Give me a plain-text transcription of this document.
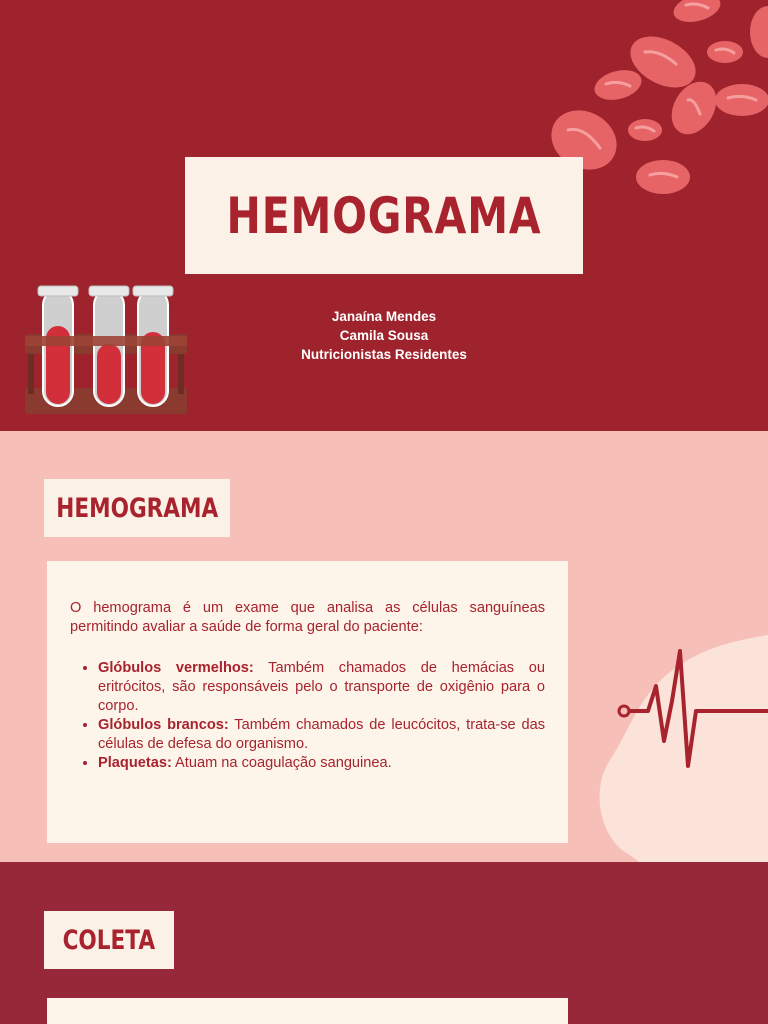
HEMOGRAMA
Janaína Mendes
Camila Sousa
Nutricionistas Residentes
HEMOGRAMA

O hemograma é um exame que analisa as células sanguíneas permitindo avaliar a saúde de forma geral do paciente:

• Glóbulos vermelhos: Também chamados de hemácias ou eritrócitos, são responsáveis pelo o transporte de oxigênio para o corpo.
• Glóbulos brancos: Também chamados de leucócitos, trata-se das células de defesa do organismo.
• Plaquetas: Atuam na coagulação sanguinea.
COLETA
